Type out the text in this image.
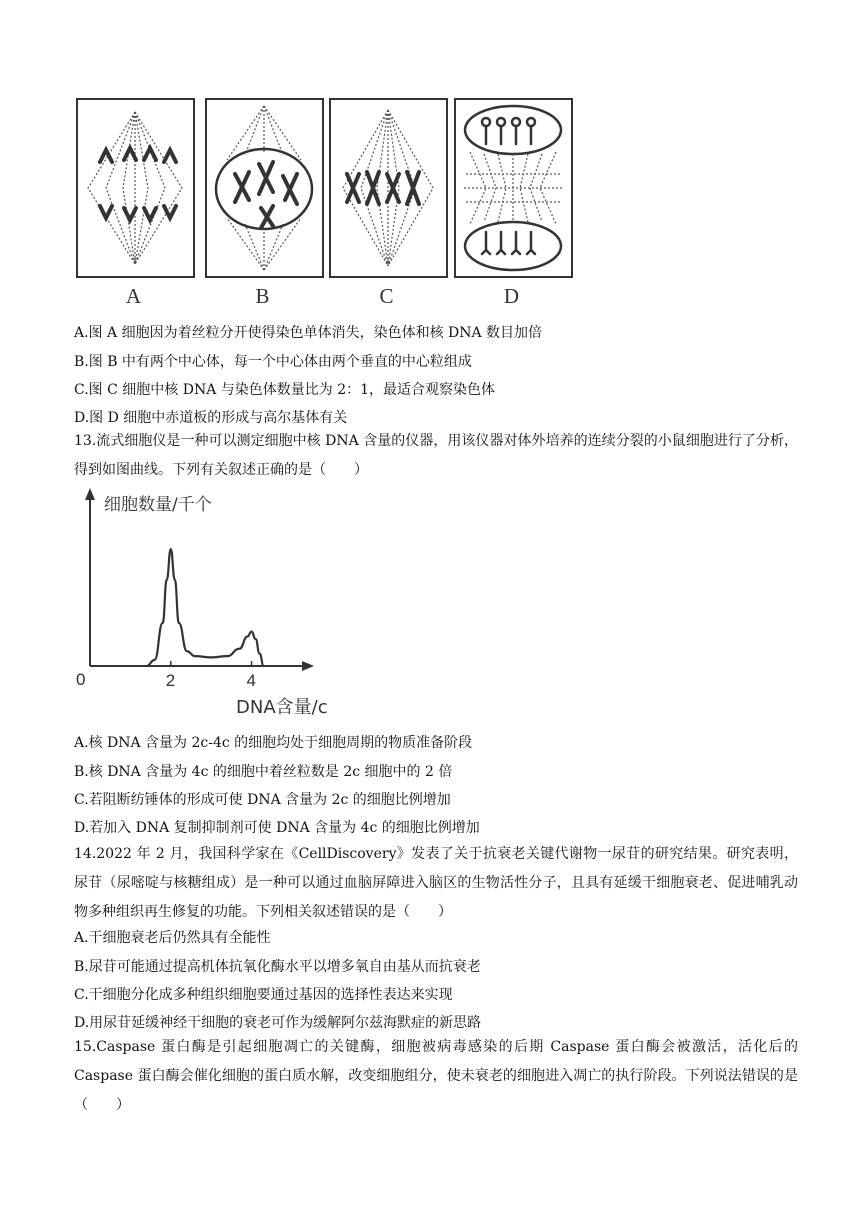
A	B	C	D
A.图 A 细胞因为着丝粒分开使得染色单体消失，染色体和核 DNA 数目加倍
B.图 B 中有两个中心体，每一个中心体由两个垂直的中心粒组成
C.图 C 细胞中核 DNA 与染色体数量比为 2：1，最适合观察染色体
D.图 D 细胞中赤道板的形成与高尔基体有关
13.流式细胞仪是一种可以测定细胞中核 DNA 含量的仪器，用该仪器对体外培养的连续分裂的小鼠细胞进行了分析，得到如图曲线。下列有关叙述正确的是（　　）
细胞数量/千个
0
DNA含量/c
2	4
A.核 DNA 含量为 2c-4c 的细胞均处于细胞周期的物质准备阶段
B.核 DNA 含量为 4c 的细胞中着丝粒数是 2c 细胞中的 2 倍
C.若阻断纺锤体的形成可使 DNA 含量为 2c 的细胞比例增加
D.若加入 DNA 复制抑制剂可使 DNA 含量为 4c 的细胞比例增加
14.2022 年 2 月，我国科学家在《CellDiscovery》发表了关于抗衰老关键代谢物一尿苷的研究结果。研究表明，尿苷（尿嘧啶与核糖组成）是一种可以通过血脑屏障进入脑区的生物活性分子，且具有延缓干细胞衰老、促进哺乳动物多种组织再生修复的功能。下列相关叙述错误的是（　　）
A.干细胞衰老后仍然具有全能性
B.尿苷可能通过提高机体抗氧化酶水平以增多氧自由基从而抗衰老
C.干细胞分化成多种组织细胞要通过基因的选择性表达来实现
D.用尿苷延缓神经干细胞的衰老可作为缓解阿尔兹海默症的新思路
15.Caspase 蛋白酶是引起细胞凋亡的关键酶，细胞被病毒感染的后期 Caspase 蛋白酶会被激活，活化后的 Caspase 蛋白酶会催化细胞的蛋白质水解，改变细胞组分，使未衰老的细胞进入凋亡的执行阶段。下列说法错误的是（　　）
